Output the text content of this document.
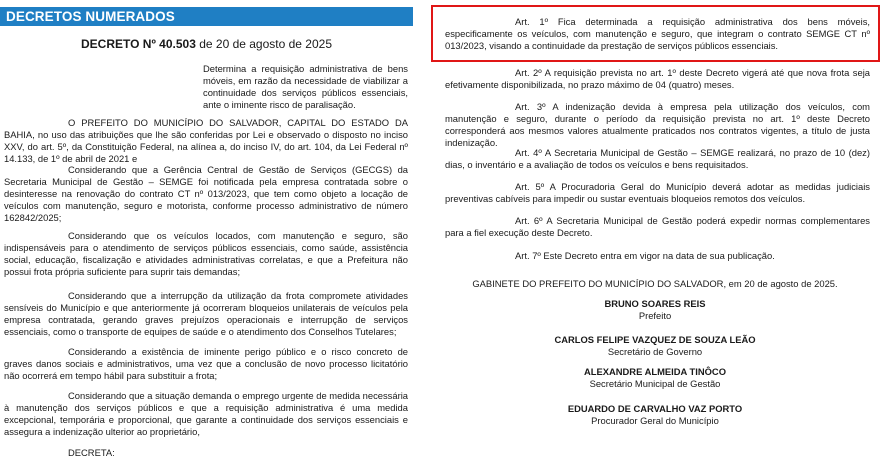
DECRETOS NUMERADOS
DECRETO Nº 40.503 de 20 de agosto de 2025
Determina a requisição administrativa de bens móveis, em razão da necessidade de viabilizar a continuidade dos serviços públicos essenciais, ante o iminente risco de paralisação.
O PREFEITO DO MUNICÍPIO DO SALVADOR, CAPITAL DO ESTADO DA BAHIA, no uso das atribuições que lhe são conferidas por Lei e observado o disposto no inciso XXV, do art. 5º, da Constituição Federal, na alínea a, do inciso IV, do art. 104, da Lei Federal nº 14.133, de 1º de abril de 2021 e
Considerando que a Gerência Central de Gestão de Serviços (GECGS) da Secretaria Municipal de Gestão – SEMGE foi notificada pela empresa contratada sobre o desinteresse na renovação do contrato CT nº 013/2023, que tem como objeto a locação de veículos com manutenção, seguro e motorista, conforme processo administrativo de número 162842/2025;
Considerando que os veículos locados, com manutenção e seguro, são indispensáveis para o atendimento de serviços públicos essenciais, como saúde, assistência social, educação, fiscalização e atividades administrativas correlatas, e que a Prefeitura não possui frota própria suficiente para suprir tais demandas;
Considerando que a interrupção da utilização da frota compromete atividades sensíveis do Município e que anteriormente já ocorreram bloqueios unilaterais de veículos pela empresa contratada, gerando graves prejuízos operacionais e interrupção de serviços essenciais, como o transporte de equipes de saúde e o atendimento dos Conselhos Tutelares;
Considerando a existência de iminente perigo público e o risco concreto de graves danos sociais e administrativos, uma vez que a conclusão de novo processo licitatório não ocorrerá em tempo hábil para substituir a frota;
Considerando que a situação demanda o emprego urgente de medida necessária à manutenção dos serviços públicos e que a requisição administrativa é uma medida excepcional, temporária e proporcional, que garante a continuidade dos serviços essenciais e assegura a indenização ulterior ao proprietário,
DECRETA:
Art. 1º Fica determinada a requisição administrativa dos bens móveis, especificamente os veículos, com manutenção e seguro, que integram o contrato SEMGE CT nº 013/2023, visando a continuidade da prestação de serviços públicos essenciais.
Art. 2º A requisição prevista no art. 1º deste Decreto vigerá até que nova frota seja efetivamente disponibilizada, no prazo máximo de 04 (quatro) meses.
Art. 3º A indenização devida à empresa pela utilização dos veículos, com manutenção e seguro, durante o período da requisição prevista no art. 1º deste Decreto corresponderá aos mesmos valores atualmente praticados nos contratos vigentes, a título de justa indenização.
Art. 4º A Secretaria Municipal de Gestão – SEMGE realizará, no prazo de 10 (dez) dias, o inventário e a avaliação de todos os veículos e bens requisitados.
Art. 5º A Procuradoria Geral do Município deverá adotar as medidas judiciais preventivas cabíveis para impedir ou sustar eventuais bloqueios remotos dos veículos.
Art. 6º A Secretaria Municipal de Gestão poderá expedir normas complementares para a fiel execução deste Decreto.
Art. 7º Este Decreto entra em vigor na data de sua publicação.
GABINETE DO PREFEITO DO MUNICÍPIO DO SALVADOR, em 20 de agosto de 2025.
BRUNO SOARES REIS
Prefeito
CARLOS FELIPE VAZQUEZ DE SOUZA LEÃO
Secretário de Governo
ALEXANDRE ALMEIDA TINÔCO
Secretário Municipal de Gestão
EDUARDO DE CARVALHO VAZ PORTO
Procurador Geral do Município
